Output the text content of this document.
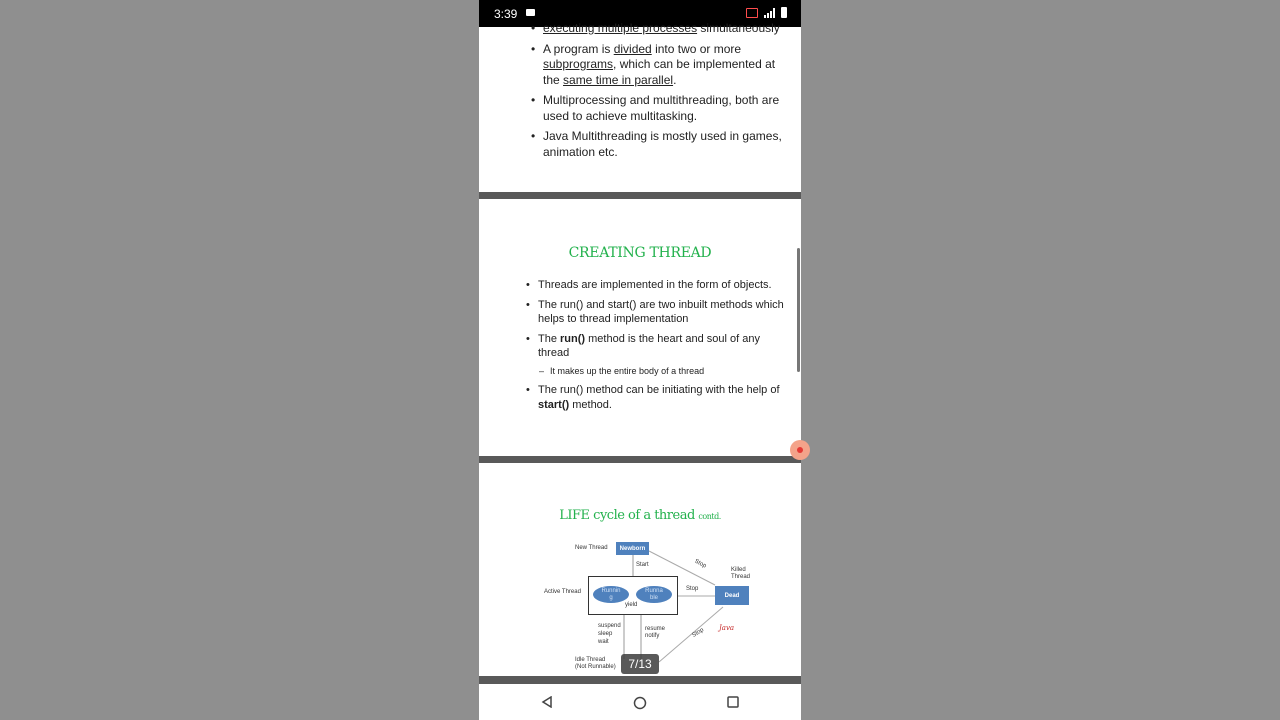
3:39
• executing multiple processes simultaneously
• A program is divided into two or more subprograms, which can be implemented at the same time in parallel.
• Multiprocessing and multithreading, both are used to achieve multitasking.
• Java Multithreading is mostly used in games, animation etc.
CREATING THREAD
• Threads are implemented in the form of objects.
• The run() and start() are two inbuilt methods which helps to thread implementation
• The run() method is the heart and soul of any thread
– It makes up the entire body of a thread
• The run() method can be initiating with the help of start() method.
LIFE cycle of a thread contd.
New Thread	Newborn
Start	Stop
Killed
Thread
Active Thread	Runnin
g
Runna
ble
yield
Stop
Dead
suspend
sleep
wait
resume
notify	Stop Java
Idle Thread
(Not Runnable)	7/13
